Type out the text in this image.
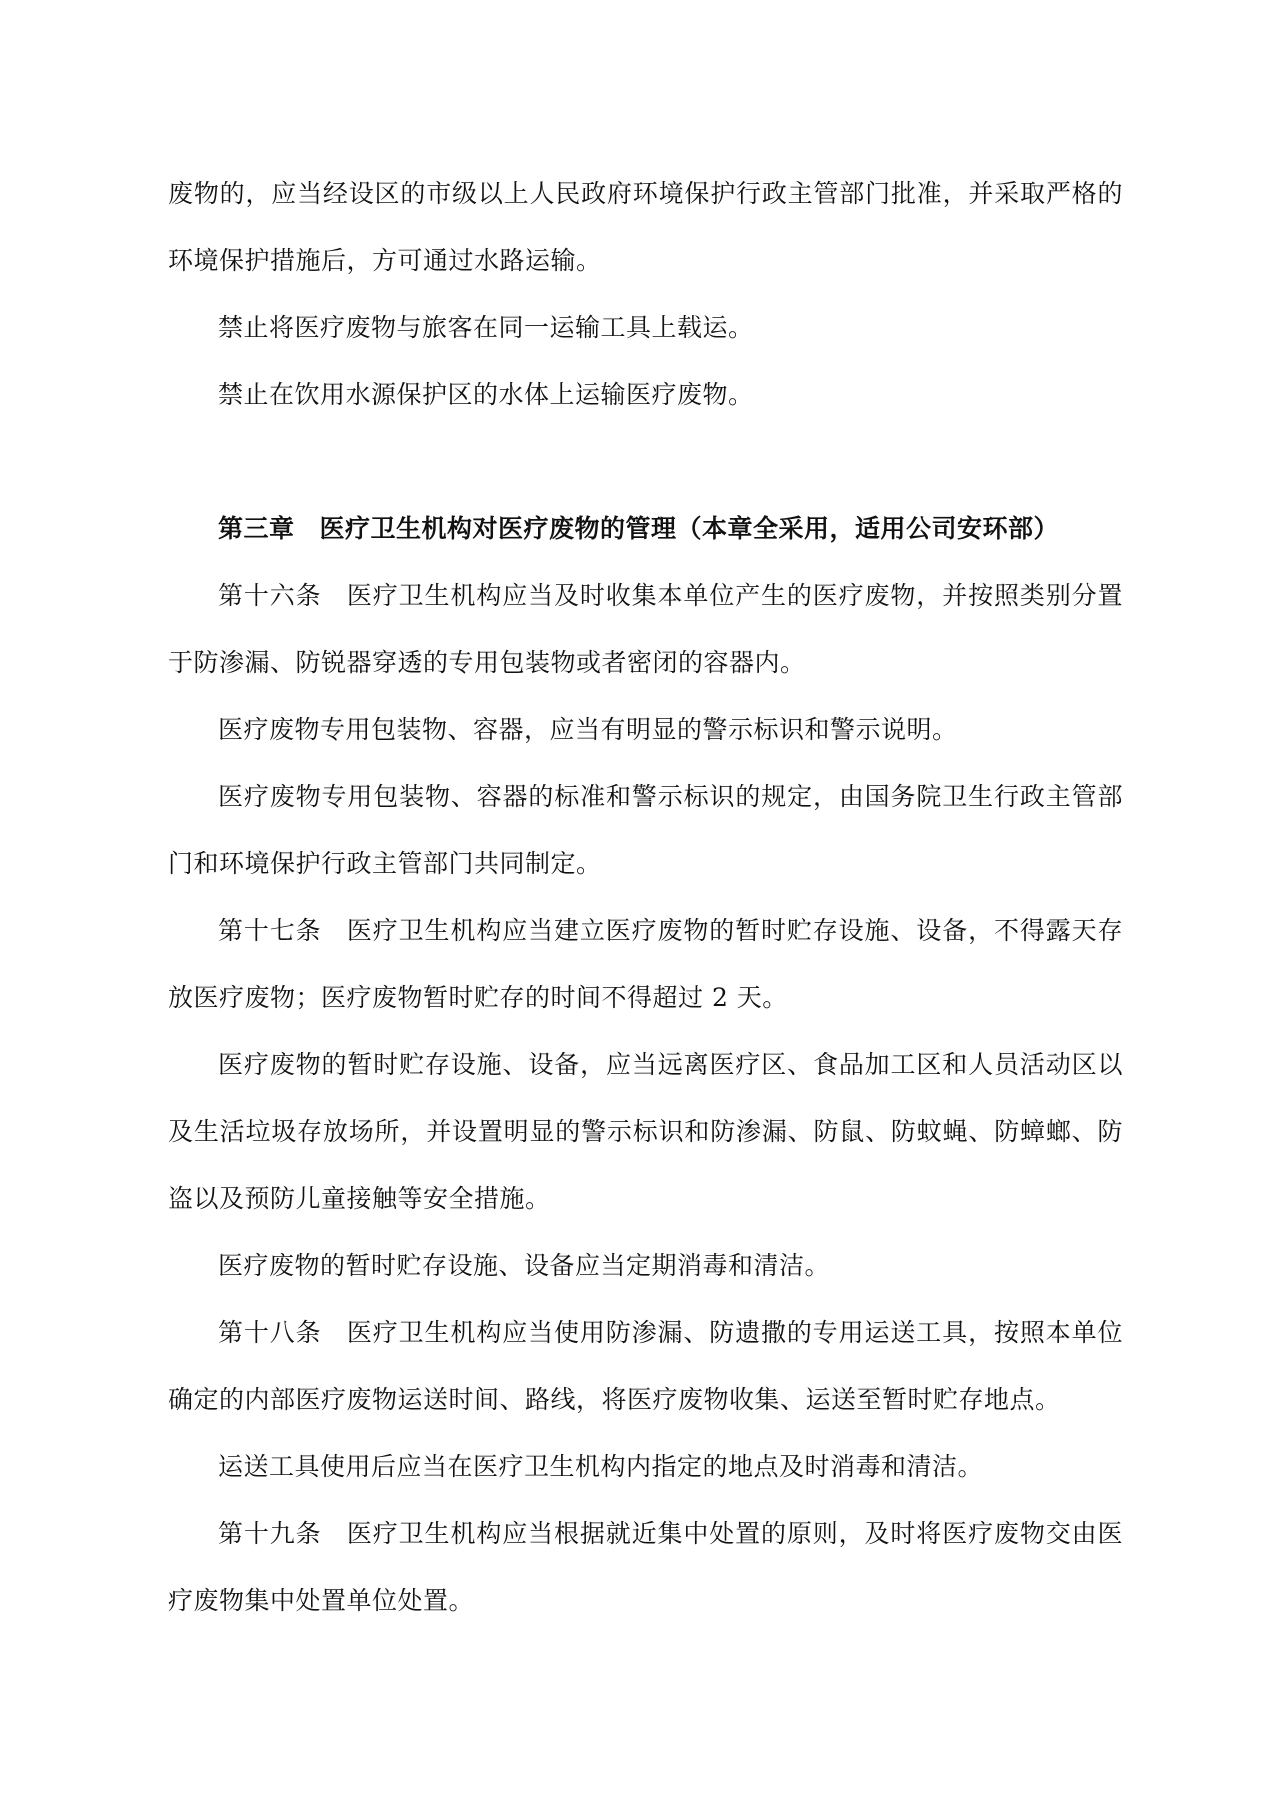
废物的，应当经设区的市级以上人民政府环境保护行政主管部门批准，并采取严格的环境保护措施后，方可通过水路运输。

禁止将医疗废物与旅客在同一运输工具上载运。

禁止在饮用水源保护区的水体上运输医疗废物。

第三章 医疗卫生机构对医疗废物的管理（本章全采用，适用公司安环部）

第十六条 医疗卫生机构应当及时收集本单位产生的医疗废物，并按照类别分置于防渗漏、防锐器穿透的专用包装物或者密闭的容器内。

医疗废物专用包装物、容器，应当有明显的警示标识和警示说明。

医疗废物专用包装物、容器的标准和警示标识的规定，由国务院卫生行政主管部门和环境保护行政主管部门共同制定。

第十七条 医疗卫生机构应当建立医疗废物的暂时贮存设施、设备，不得露天存放医疗废物；医疗废物暂时贮存的时间不得超过 2 天。

医疗废物的暂时贮存设施、设备，应当远离医疗区、食品加工区和人员活动区以及生活垃圾存放场所，并设置明显的警示标识和防渗漏、防鼠、防蚊蝇、防蟑螂、防盗以及预防儿童接触等安全措施。

医疗废物的暂时贮存设施、设备应当定期消毒和清洁。

第十八条 医疗卫生机构应当使用防渗漏、防遗撒的专用运送工具，按照本单位确定的内部医疗废物运送时间、路线，将医疗废物收集、运送至暂时贮存地点。

运送工具使用后应当在医疗卫生机构内指定的地点及时消毒和清洁。

第十九条 医疗卫生机构应当根据就近集中处置的原则，及时将医疗废物交由医疗废物集中处置单位处置。
